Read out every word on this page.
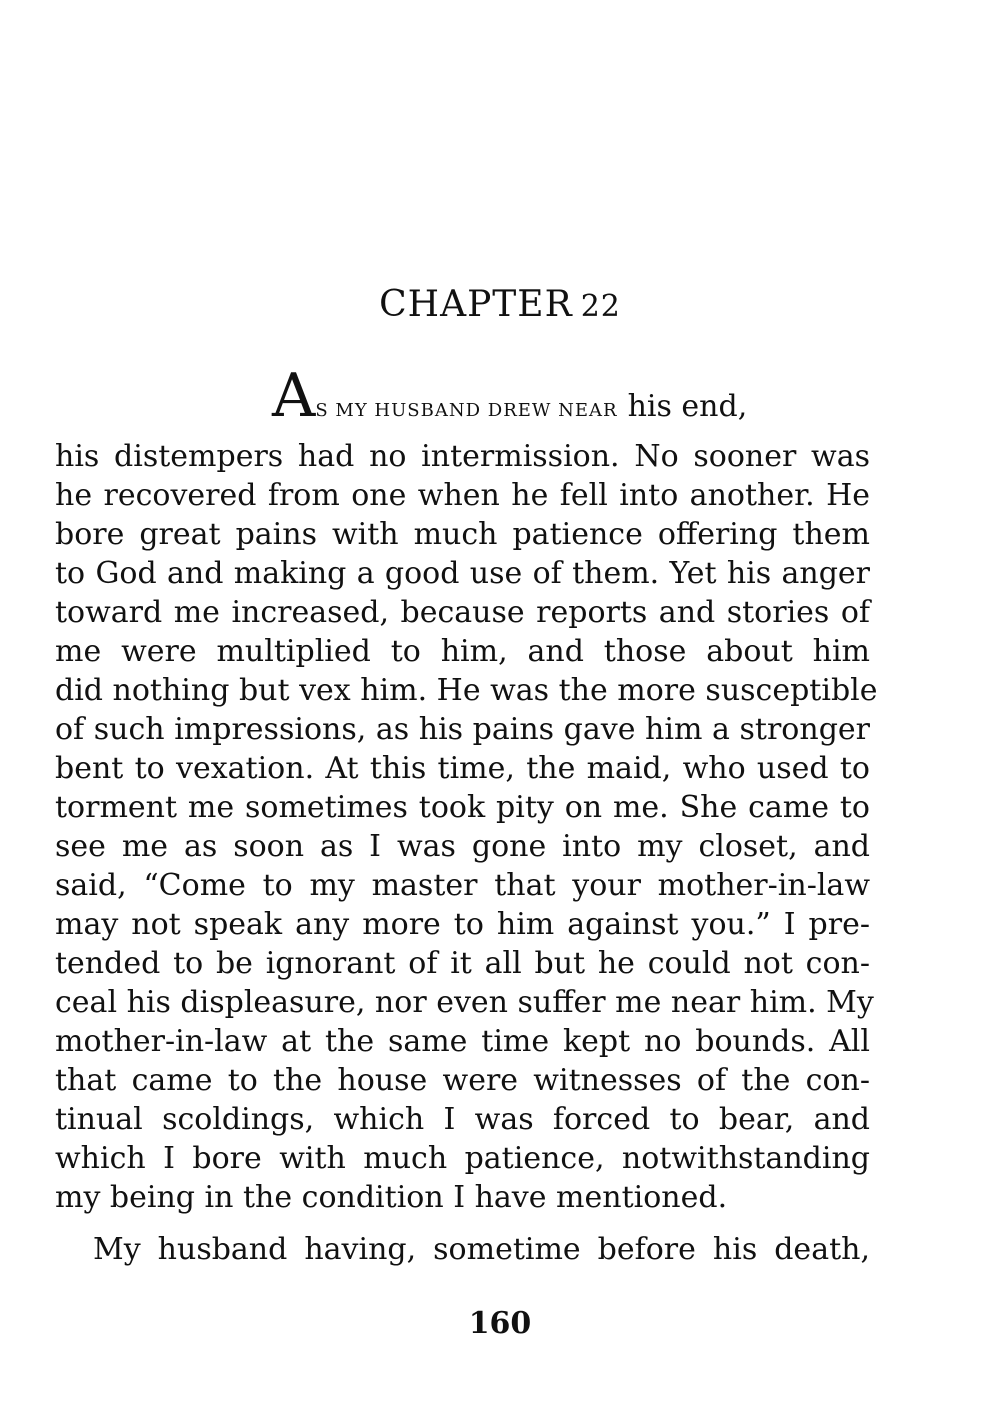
CHAPTER 22
AS MY HUSBAND DREW NEAR his end,
his distempers had no intermission. No sooner was
he recovered from one when he fell into another. He
bore great pains with much patience offering them
to God and making a good use of them. Yet his anger
toward me increased, because reports and stories of
me were multiplied to him, and those about him
did nothing but vex him. He was the more susceptible
of such impressions, as his pains gave him a stronger
bent to vexation. At this time, the maid, who used to
torment me sometimes took pity on me. She came to
see me as soon as I was gone into my closet, and
said, “Come to my master that your mother-in-law
may not speak any more to him against you.” I pre-
tended to be ignorant of it all but he could not con-
ceal his displeasure, nor even suffer me near him. My
mother-in-law at the same time kept no bounds. All
that came to the house were witnesses of the con-
tinual scoldings, which I was forced to bear, and
which I bore with much patience, notwithstanding
my being in the condition I have mentioned.
My husband having, sometime before his death,
160
